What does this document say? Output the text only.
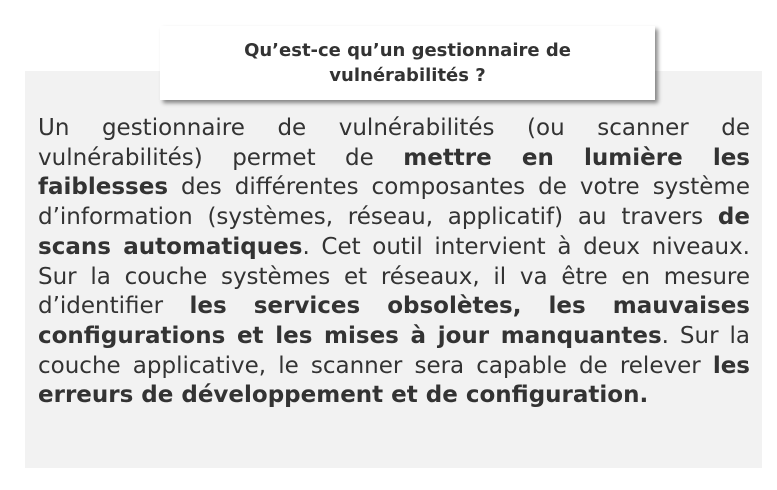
Qu’est-ce qu’un gestionnaire de vulnérabilités ?

Un gestionnaire de vulnérabilités (ou scanner de vulnérabilités) permet de mettre en lumière les faiblesses des différentes composantes de votre système d’information (systèmes, réseau, applicatif) au travers de scans automatiques. Cet outil intervient à deux niveaux. Sur la couche systèmes et réseaux, il va être en mesure d’identifier les services obsolètes, les mauvaises configurations et les mises à jour manquantes. Sur la couche applicative, le scanner sera capable de relever les erreurs de développement et de configuration.
